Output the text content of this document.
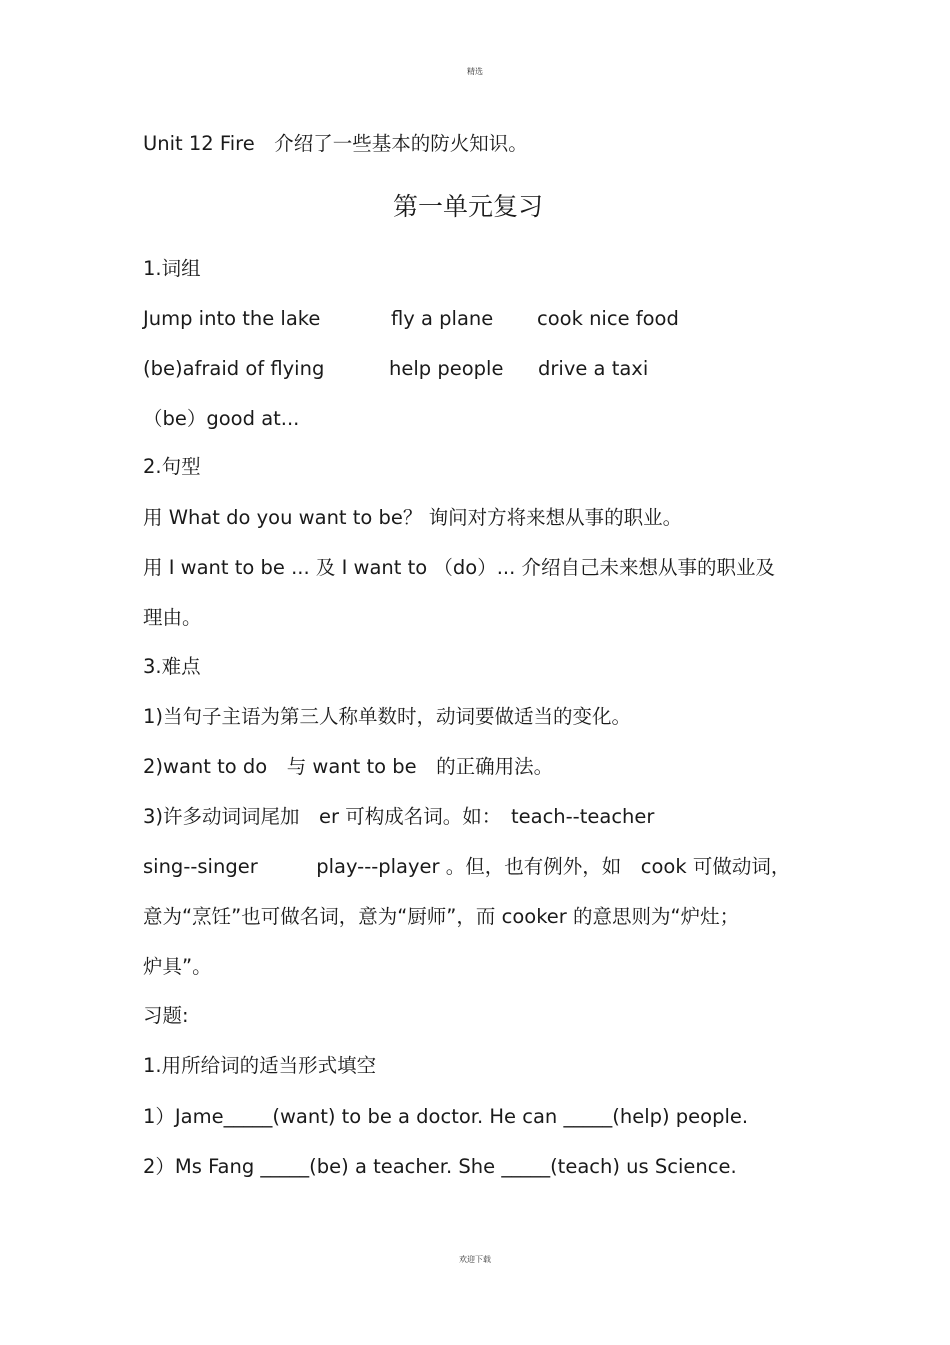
精选
Unit 12 Fire　介绍了一些基本的防火知识。
第一单元复习
1.词组
Jump into the lake	fly a plane cook nice food
(be)afraid of flying	help people drive a taxi
（be）good at...
2.句型
用 What do you want to be？ 询问对方将来想从事的职业。
用 I want to be ... 及 I want to （do）... 介绍自己未来想从事的职业及
理由。
3.难点
1)当句子主语为第三人称单数时，动词要做适当的变化。
2)want to do　与 want to be　的正确用法。
3)许多动词词尾加　er 可构成名词。如：　teach--teacher
sing--singer　　　play---player 。但，也有例外，如　cook 可做动词，
意为“烹饪”也可做名词，意为“厨师”，而 cooker 的意思则为“炉灶；
炉具”。
习题:
1.用所给词的适当形式填空
1）Jame_____(want) to be a doctor. He can _____(help) people.
2）Ms Fang _____(be) a teacher. She _____(teach) us Science.
欢迎下载
